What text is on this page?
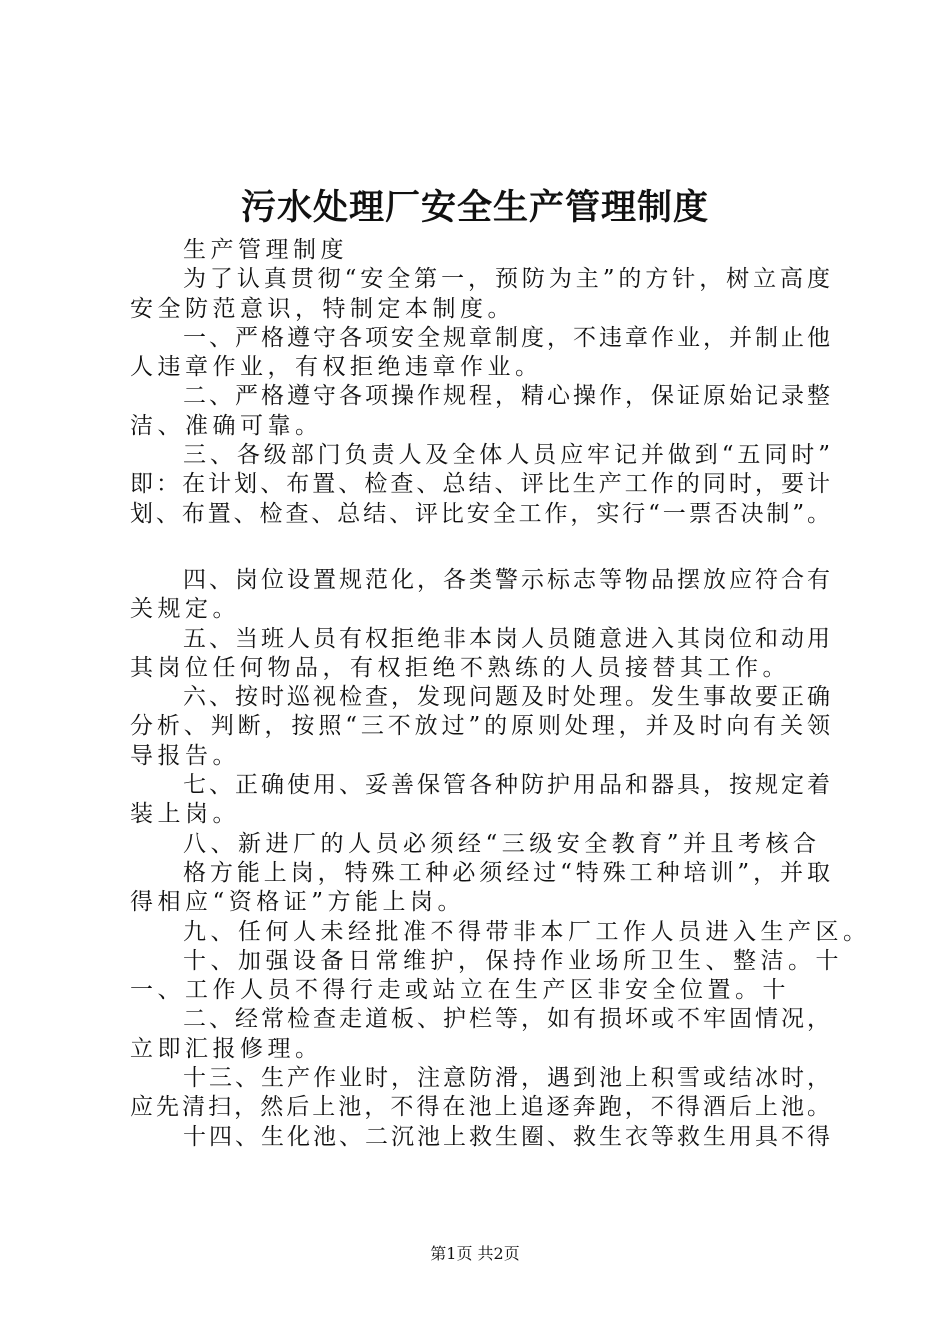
污水处理厂安全生产管理制度
生产管理制度
为了认真贯彻“安全第一，预防为主”的方针，树立高度
安全防范意识，特制定本制度。
一、严格遵守各项安全规章制度，不违章作业，并制止他
人违章作业，有权拒绝违章作业。
二、严格遵守各项操作规程，精心操作，保证原始记录整
洁、准确可靠。
三、各级部门负责人及全体人员应牢记并做到“五同时”
即：在计划、布置、检查、总结、评比生产工作的同时，要计
划、布置、检查、总结、评比安全工作，实行“一票否决制”。
四、岗位设置规范化，各类警示标志等物品摆放应符合有
关规定。
五、当班人员有权拒绝非本岗人员随意进入其岗位和动用
其岗位任何物品，有权拒绝不熟练的人员接替其工作。
六、按时巡视检查，发现问题及时处理。发生事故要正确
分析、判断，按照“三不放过”的原则处理，并及时向有关领
导报告。
七、正确使用、妥善保管各种防护用品和器具，按规定着
装上岗。
八、新进厂的人员必须经“三级安全教育”并且考核合
格方能上岗，特殊工种必须经过“特殊工种培训”，并取
得相应“资格证”方能上岗。
九、任何人未经批准不得带非本厂工作人员进入生产区。
十、加强设备日常维护，保持作业场所卫生、整洁。十
一、工作人员不得行走或站立在生产区非安全位置。十
二、经常检查走道板、护栏等，如有损坏或不牢固情况，
立即汇报修理。
十三、生产作业时，注意防滑，遇到池上积雪或结冰时，
应先清扫，然后上池，不得在池上追逐奔跑，不得酒后上池。
十四、生化池、二沉池上救生圈、救生衣等救生用具不得
第1页 共2页
